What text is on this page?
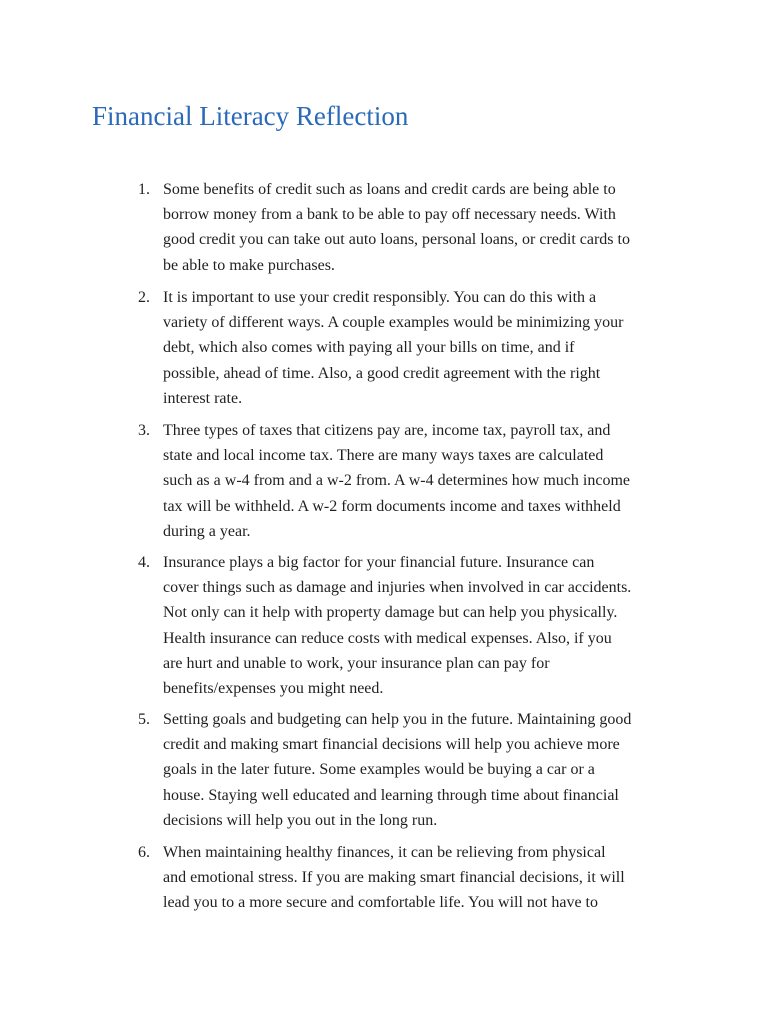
Financial Literacy Reflection
1. Some benefits of credit such as loans and credit cards are being able to
borrow money from a bank to be able to pay off necessary needs. With
good credit you can take out auto loans, personal loans, or credit cards to
be able to make purchases.
2. It is important to use your credit responsibly. You can do this with a
variety of different ways. A couple examples would be minimizing your
debt, which also comes with paying all your bills on time, and if
possible, ahead of time. Also, a good credit agreement with the right
interest rate.
3. Three types of taxes that citizens pay are, income tax, payroll tax, and
state and local income tax. There are many ways taxes are calculated
such as a w-4 from and a w-2 from. A w-4 determines how much income
tax will be withheld. A w-2 form documents income and taxes withheld
during a year.
4. Insurance plays a big factor for your financial future. Insurance can
cover things such as damage and injuries when involved in car accidents.
Not only can it help with property damage but can help you physically.
Health insurance can reduce costs with medical expenses. Also, if you
are hurt and unable to work, your insurance plan can pay for
benefits/expenses you might need.
5. Setting goals and budgeting can help you in the future. Maintaining good
credit and making smart financial decisions will help you achieve more
goals in the later future. Some examples would be buying a car or a
house. Staying well educated and learning through time about financial
decisions will help you out in the long run.
6. When maintaining healthy finances, it can be relieving from physical
and emotional stress. If you are making smart financial decisions, it will
lead you to a more secure and comfortable life. You will not have to
